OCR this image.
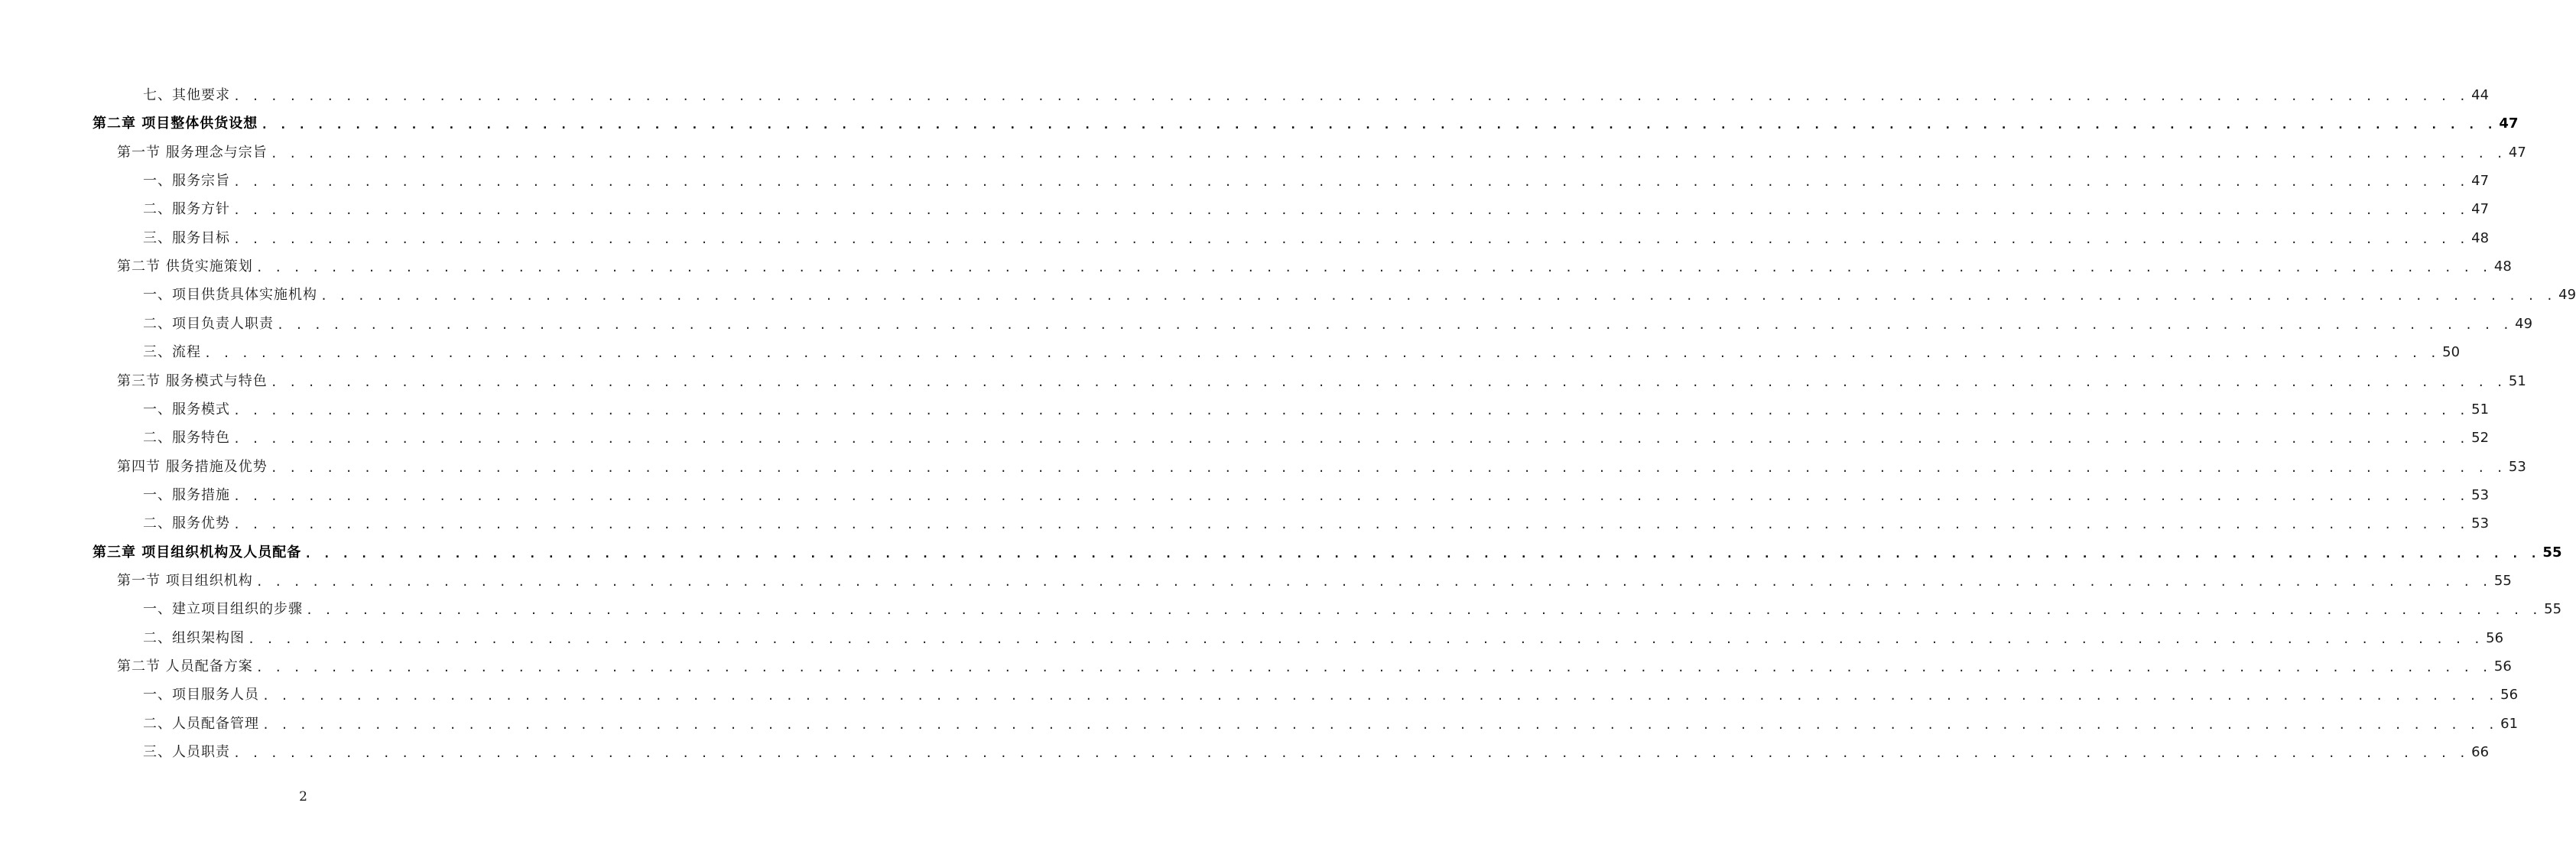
七、其他要求 . . . . . . . . . . . . . . . . . . . . . . . . . . . . . . . . . . . . . . . . . . . . . . . . . . . . . . . . . . . . . . . . . . . . . . . . . . . . . . . . . . . . . . . . . . . . . . . . . . . . . . . . . . . . . . . . . . . . . . . . 44
第二章 项目整体供货设想 . . . . . . . . . . . . . . . . . . . . . . . . . . . . . . . . . . . . . . . . . . . . . . . . . . . . . . . . . . . . . . . . . . . . . . . . . . . . . . . . . . . . . . . . . . . . . . . . . . . . . . . . . . . . . . . . . . . . . . . . 47
第一节 服务理念与宗旨 . . . . . . . . . . . . . . . . . . . . . . . . . . . . . . . . . . . . . . . . . . . . . . . . . . . . . . . . . . . . . . . . . . . . . . . . . . . . . . . . . . . . . . . . . . . . . . . . . . . . . . . . . . . . . . . . . . . . . . . . 47
一、服务宗旨 . . . . . . . . . . . . . . . . . . . . . . . . . . . . . . . . . . . . . . . . . . . . . . . . . . . . . . . . . . . . . . . . . . . . . . . . . . . . . . . . . . . . . . . . . . . . . . . . . . . . . . . . . . . . . . . . . . . . . . . . 47
二、服务方针 . . . . . . . . . . . . . . . . . . . . . . . . . . . . . . . . . . . . . . . . . . . . . . . . . . . . . . . . . . . . . . . . . . . . . . . . . . . . . . . . . . . . . . . . . . . . . . . . . . . . . . . . . . . . . . . . . . . . . . . . 47
三、服务目标 . . . . . . . . . . . . . . . . . . . . . . . . . . . . . . . . . . . . . . . . . . . . . . . . . . . . . . . . . . . . . . . . . . . . . . . . . . . . . . . . . . . . . . . . . . . . . . . . . . . . . . . . . . . . . . . . . . . . . . . . 48
第二节 供货实施策划 . . . . . . . . . . . . . . . . . . . . . . . . . . . . . . . . . . . . . . . . . . . . . . . . . . . . . . . . . . . . . . . . . . . . . . . . . . . . . . . . . . . . . . . . . . . . . . . . . . . . . . . . . . . . . . . . . . . . . . . . 48
一、项目供货具体实施机构 . . . . . . . . . . . . . . . . . . . . . . . . . . . . . . . . . . . . . . . . . . . . . . . . . . . . . . . . . . . . . . . . . . . . . . . . . . . . . . . . . . . . . . . . . . . . . . . . . . . . . . . . . . . . . . . . . . . . . . . . 49
二、项目负责人职责 . . . . . . . . . . . . . . . . . . . . . . . . . . . . . . . . . . . . . . . . . . . . . . . . . . . . . . . . . . . . . . . . . . . . . . . . . . . . . . . . . . . . . . . . . . . . . . . . . . . . . . . . . . . . . . . . . . . . . . . . 49
三、流程 . . . . . . . . . . . . . . . . . . . . . . . . . . . . . . . . . . . . . . . . . . . . . . . . . . . . . . . . . . . . . . . . . . . . . . . . . . . . . . . . . . . . . . . . . . . . . . . . . . . . . . . . . . . . . . . . . . . . . . . . 50
第三节 服务模式与特色 . . . . . . . . . . . . . . . . . . . . . . . . . . . . . . . . . . . . . . . . . . . . . . . . . . . . . . . . . . . . . . . . . . . . . . . . . . . . . . . . . . . . . . . . . . . . . . . . . . . . . . . . . . . . . . . . . . . . . . . . 51
一、服务模式 . . . . . . . . . . . . . . . . . . . . . . . . . . . . . . . . . . . . . . . . . . . . . . . . . . . . . . . . . . . . . . . . . . . . . . . . . . . . . . . . . . . . . . . . . . . . . . . . . . . . . . . . . . . . . . . . . . . . . . . . 51
二、服务特色 . . . . . . . . . . . . . . . . . . . . . . . . . . . . . . . . . . . . . . . . . . . . . . . . . . . . . . . . . . . . . . . . . . . . . . . . . . . . . . . . . . . . . . . . . . . . . . . . . . . . . . . . . . . . . . . . . . . . . . . . 52
第四节 服务措施及优势 . . . . . . . . . . . . . . . . . . . . . . . . . . . . . . . . . . . . . . . . . . . . . . . . . . . . . . . . . . . . . . . . . . . . . . . . . . . . . . . . . . . . . . . . . . . . . . . . . . . . . . . . . . . . . . . . . . . . . . . . 53
一、服务措施 . . . . . . . . . . . . . . . . . . . . . . . . . . . . . . . . . . . . . . . . . . . . . . . . . . . . . . . . . . . . . . . . . . . . . . . . . . . . . . . . . . . . . . . . . . . . . . . . . . . . . . . . . . . . . . . . . . . . . . . . 53
二、服务优势 . . . . . . . . . . . . . . . . . . . . . . . . . . . . . . . . . . . . . . . . . . . . . . . . . . . . . . . . . . . . . . . . . . . . . . . . . . . . . . . . . . . . . . . . . . . . . . . . . . . . . . . . . . . . . . . . . . . . . . . . 53
第三章 项目组织机构及人员配备 . . . . . . . . . . . . . . . . . . . . . . . . . . . . . . . . . . . . . . . . . . . . . . . . . . . . . . . . . . . . . . . . . . . . . . . . . . . . . . . . . . . . . . . . . . . . . . . . . . . . . . . . . . . . . . . . . . . . . . . . 55
第一节 项目组织机构 . . . . . . . . . . . . . . . . . . . . . . . . . . . . . . . . . . . . . . . . . . . . . . . . . . . . . . . . . . . . . . . . . . . . . . . . . . . . . . . . . . . . . . . . . . . . . . . . . . . . . . . . . . . . . . . . . . . . . . . . 55
一、建立项目组织的步骤 . . . . . . . . . . . . . . . . . . . . . . . . . . . . . . . . . . . . . . . . . . . . . . . . . . . . . . . . . . . . . . . . . . . . . . . . . . . . . . . . . . . . . . . . . . . . . . . . . . . . . . . . . . . . . . . . . . . . . . . . 55
二、组织架构图 . . . . . . . . . . . . . . . . . . . . . . . . . . . . . . . . . . . . . . . . . . . . . . . . . . . . . . . . . . . . . . . . . . . . . . . . . . . . . . . . . . . . . . . . . . . . . . . . . . . . . . . . . . . . . . . . . . . . . . . . 56
第二节 人员配备方案 . . . . . . . . . . . . . . . . . . . . . . . . . . . . . . . . . . . . . . . . . . . . . . . . . . . . . . . . . . . . . . . . . . . . . . . . . . . . . . . . . . . . . . . . . . . . . . . . . . . . . . . . . . . . . . . . . . . . . . . . 56
一、项目服务人员 . . . . . . . . . . . . . . . . . . . . . . . . . . . . . . . . . . . . . . . . . . . . . . . . . . . . . . . . . . . . . . . . . . . . . . . . . . . . . . . . . . . . . . . . . . . . . . . . . . . . . . . . . . . . . . . . . . . . . . . . 56
二、人员配备管理 . . . . . . . . . . . . . . . . . . . . . . . . . . . . . . . . . . . . . . . . . . . . . . . . . . . . . . . . . . . . . . . . . . . . . . . . . . . . . . . . . . . . . . . . . . . . . . . . . . . . . . . . . . . . . . . . . . . . . . . . 61
三、人员职责 . . . . . . . . . . . . . . . . . . . . . . . . . . . . . . . . . . . . . . . . . . . . . . . . . . . . . . . . . . . . . . . . . . . . . . . . . . . . . . . . . . . . . . . . . . . . . . . . . . . . . . . . . . . . . . . . . . . . . . . . 66
2
